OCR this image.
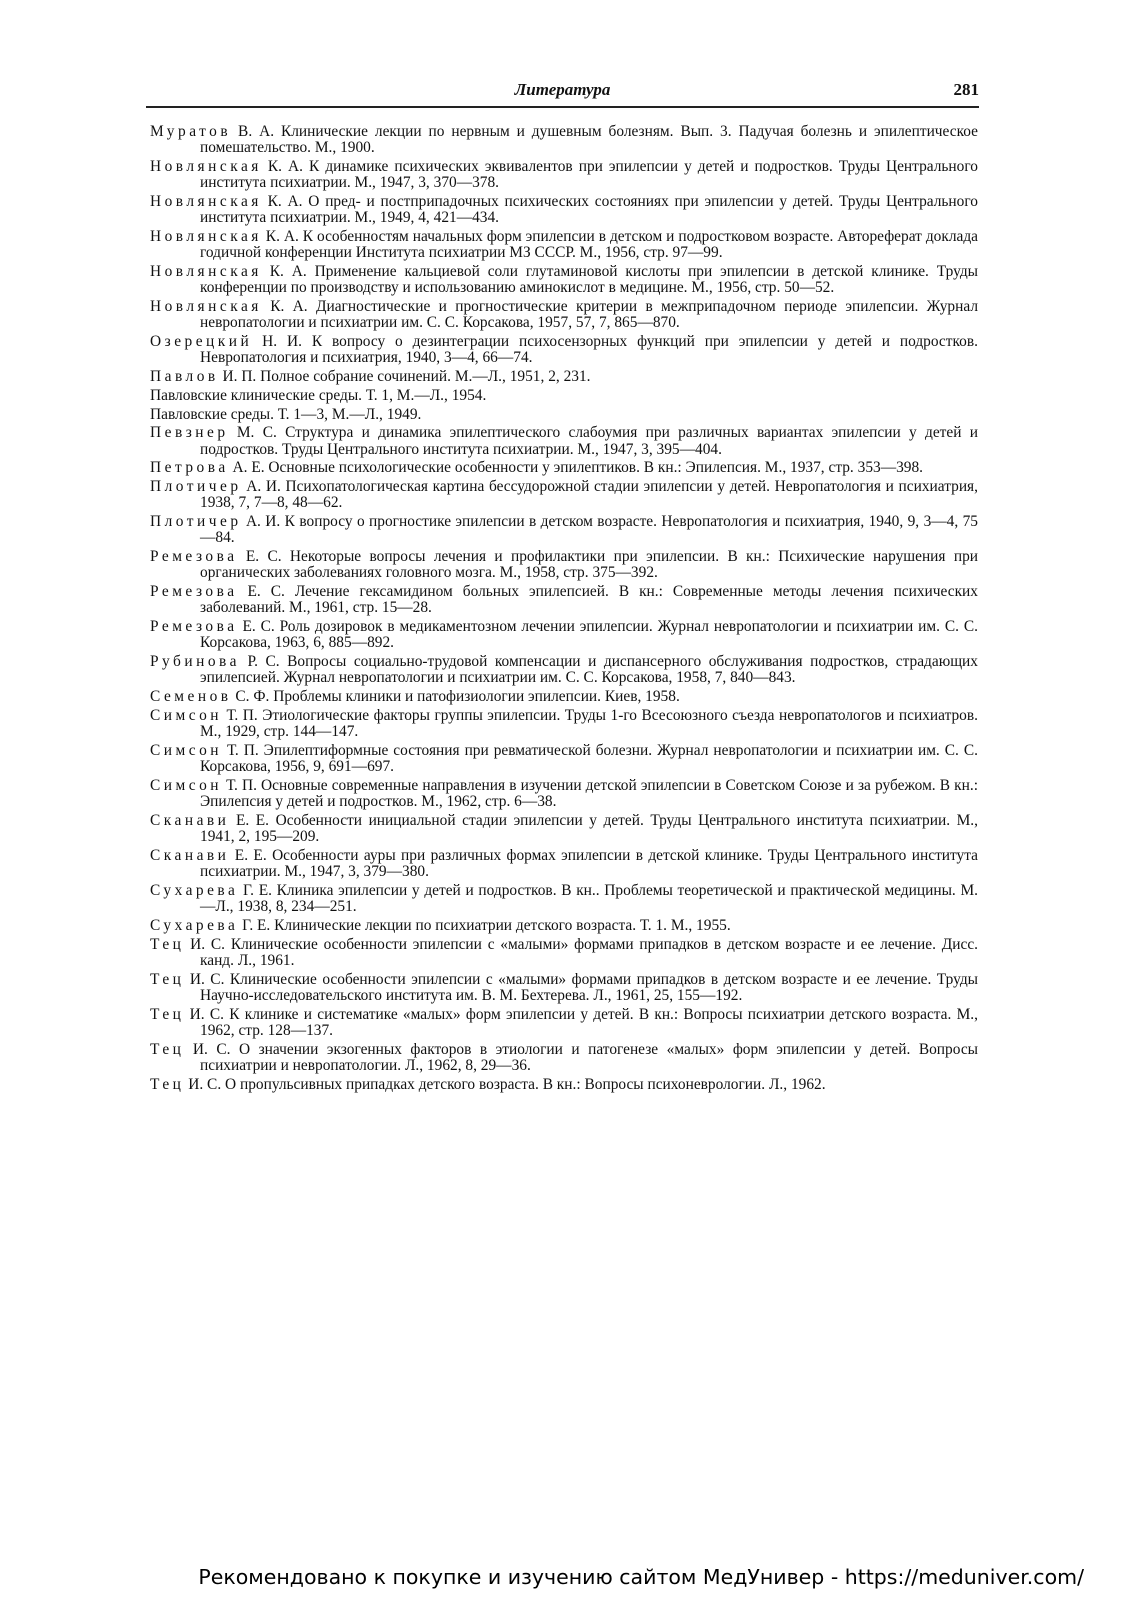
Литература	281

Муратов В. А. Клинические лекции по нервным и душевным болезням. Вып. 3. Падучая болезнь и эпилептическое помешательство. М., 1900.

Новлянская К. А. К динамике психических эквивалентов при эпилепсии у детей и подростков. Труды Центрального института психиатрии. М., 1947, 3, 370—378.

Новлянская К. А. О пред- и постприпадочных психических состояниях при эпилепсии у детей. Труды Центрального института психиатрии. М., 1949, 4, 421—434.

Новлянская К. А. К особенностям начальных форм эпилепсии в детском и подростковом возрасте. Автореферат доклада годичной конференции Института психиатрии МЗ СССР. М., 1956, стр. 97—99.

Новлянская К. А. Применение кальциевой соли глутаминовой кислоты при эпилепсии в детской клинике. Труды конференции по производству и использованию аминокислот в медицине. М., 1956, стр. 50—52.

Новлянская К. А. Диагностические и прогностические критерии в межприпадочном периоде эпилепсии. Журнал невропатологии и психиатрии им. С. С. Корсакова, 1957, 57, 7, 865—870.

Озерецкий Н. И. К вопросу о дезинтеграции психосензорных функций при эпилепсии у детей и подростков. Невропатология и психиатрия, 1940, 3—4, 66—74.

Павлов И. П. Полное собрание сочинений. М.—Л., 1951, 2, 231.

Павловские клинические среды. Т. 1, М.—Л., 1954.

Павловские среды. Т. 1—3, М.—Л., 1949.

Певзнер М. С. Структура и динамика эпилептического слабоумия при различных вариантах эпилепсии у детей и подростков. Труды Центрального института психиатрии. М., 1947, 3, 395—404.

Петрова А. Е. Основные психологические особенности у эпилептиков. В кн.: Эпилепсия. М., 1937, стр. 353—398.

Плотичер А. И. Психопатологическая картина бессудорожной стадии эпилепсии у детей. Невропатология и психиатрия, 1938, 7, 7—8, 48—62.

Плотичер А. И. К вопросу о прогностике эпилепсии в детском возрасте. Невропатология и психиатрия, 1940, 9, 3—4, 75—84.

Ремезова Е. С. Некоторые вопросы лечения и профилактики при эпилепсии. В кн.: Психические нарушения при органических заболеваниях головного мозга. М., 1958, стр. 375—392.

Ремезова Е. С. Лечение гексамидином больных эпилепсией. В кн.: Современные методы лечения психических заболеваний. М., 1961, стр. 15—28.

Ремезова Е. С. Роль дозировок в медикаментозном лечении эпилепсии. Журнал невропатологии и психиатрии им. С. С. Корсакова, 1963, 6, 885—892.

Рубинова Р. С. Вопросы социально-трудовой компенсации и диспансерного обслуживания подростков, страдающих эпилепсией. Журнал невропатологии и психиатрии им. С. С. Корсакова, 1958, 7, 840—843.

Семенов С. Ф. Проблемы клиники и патофизиологии эпилепсии. Киев, 1958.

Симсон Т. П. Этиологические факторы группы эпилепсии. Труды 1-го Всесоюзного съезда невропатологов и психиатров. М., 1929, стр. 144—147.

Симсон Т. П. Эпилептиформные состояния при ревматической болезни. Журнал невропатологии и психиатрии им. С. С. Корсакова, 1956, 9, 691—697.

Симсон Т. П. Основные современные направления в изучении детской эпилепсии в Советском Союзе и за рубежом. В кн.: Эпилепсия у детей и подростков. М., 1962, стр. 6—38.

Сканави Е. Е. Особенности инициальной стадии эпилепсии у детей. Труды Центрального института психиатрии. М., 1941, 2, 195—209.

Сканави Е. Е. Особенности ауры при различных формах эпилепсии в детской клинике. Труды Центрального института психиатрии. М., 1947, 3, 379—380.

Сухарева Г. Е. Клиника эпилепсии у детей и подростков. В кн.. Проблемы теоретической и практической медицины. М.—Л., 1938, 8, 234—251.

Сухарева Г. Е. Клинические лекции по психиатрии детского возраста. Т. 1. М., 1955.

Тец И. С. Клинические особенности эпилепсии с «малыми» формами припадков в детском возрасте и ее лечение. Дисс. канд. Л., 1961.

Тец И. С. Клинические особенности эпилепсии с «малыми» формами припадков в детском возрасте и ее лечение. Труды Научно-исследовательского института им. В. М. Бехтерева. Л., 1961, 25, 155—192.

Тец И. С. К клинике и систематике «малых» форм эпилепсии у детей. В кн.: Вопросы психиатрии детского возраста. М., 1962, стр. 128—137.

Тец И. С. О значении экзогенных факторов в этиологии и патогенезе «малых» форм эпилепсии у детей. Вопросы психиатрии и невропатологии. Л., 1962, 8, 29—36.

Тец И. С. О пропульсивных припадках детского возраста. В кн.: Вопросы психоневрологии. Л., 1962.

Рекомендовано к покупке и изучению сайтом МедУнивер - https://meduniver.com/
